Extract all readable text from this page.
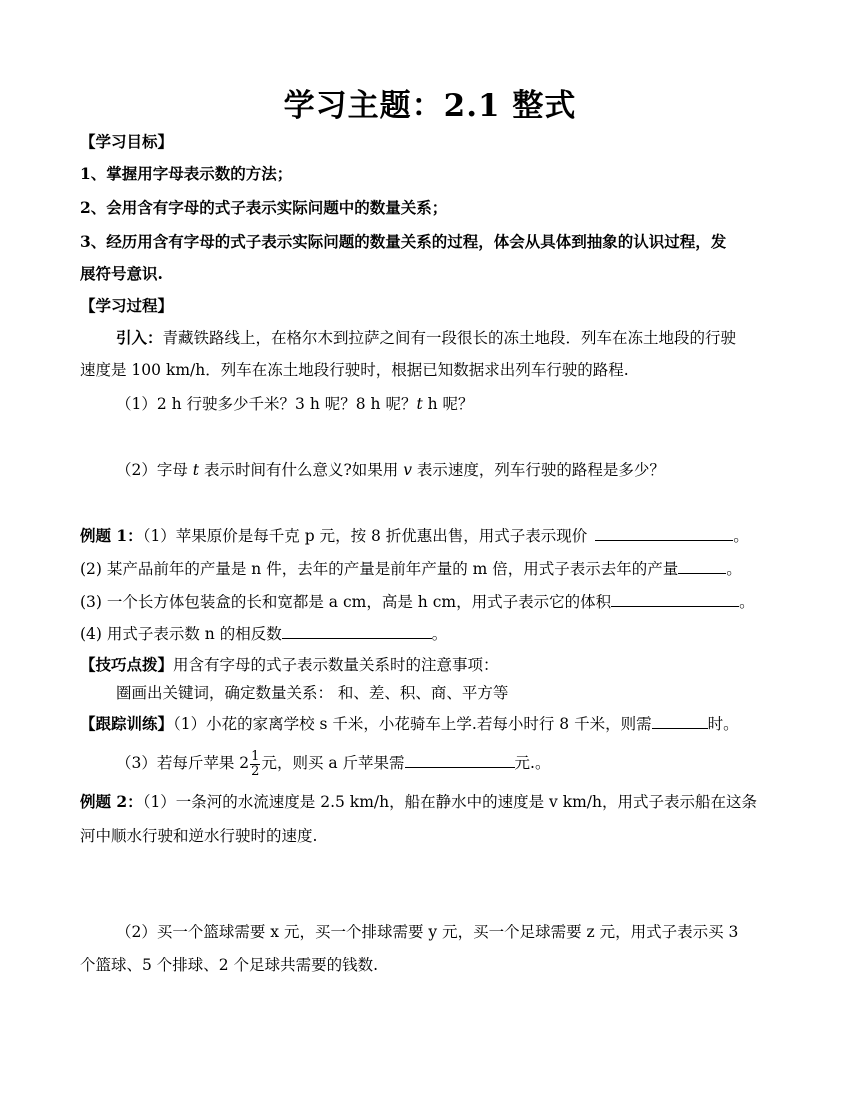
学习主题：2.1 整式
【学习目标】
1、掌握用字母表示数的方法；
2、会用含有字母的式子表示实际问题中的数量关系；
3、经历用含有字母的式子表示实际问题的数量关系的过程，体会从具体到抽象的认识过程，发
展符号意识.
【学习过程】
引入：青藏铁路线上，在格尔木到拉萨之间有一段很长的冻土地段．列车在冻土地段的行驶
速度是 100 km/h．列车在冻土地段行驶时，根据已知数据求出列车行驶的路程.
（1）2 h 行驶多少千米？3 h 呢？8 h 呢？t h 呢？
（2）字母 t 表示时间有什么意义?如果用 v 表示速度，列车行驶的路程是多少？
例题 1：（1）苹果原价是每千克 p 元，按 8 折优惠出售，用式子表示现价	。
(2) 某产品前年的产量是 n 件，去年的产量是前年产量的 m 倍，用式子表示去年的产量	。
(3) 一个长方体包装盒的长和宽都是 a cm，高是 h cm，用式子表示它的体积	。
(4) 用式子表示数 n 的相反数	。
【技巧点拨】用含有字母的式子表示数量关系时的注意事项：
圈画出关键词，确定数量关系： 和、差、积、商、平方等
【跟踪训练】（1）小花的家离学校 s 千米，小花骑车上学.若每小时行 8 千米，则需	时。
（3）若每斤苹果 $2 \frac{1}{2}$ 元，则买 a 斤苹果需	元.。
例题 2：（1）一条河的水流速度是 2.5 km/h，船在静水中的速度是 v km/h，用式子表示船在这条
河中顺水行驶和逆水行驶时的速度.
（2）买一个篮球需要 x 元，买一个排球需要 y 元，买一个足球需要 z 元，用式子表示买 3
个篮球、5 个排球、2 个足球共需要的钱数.
